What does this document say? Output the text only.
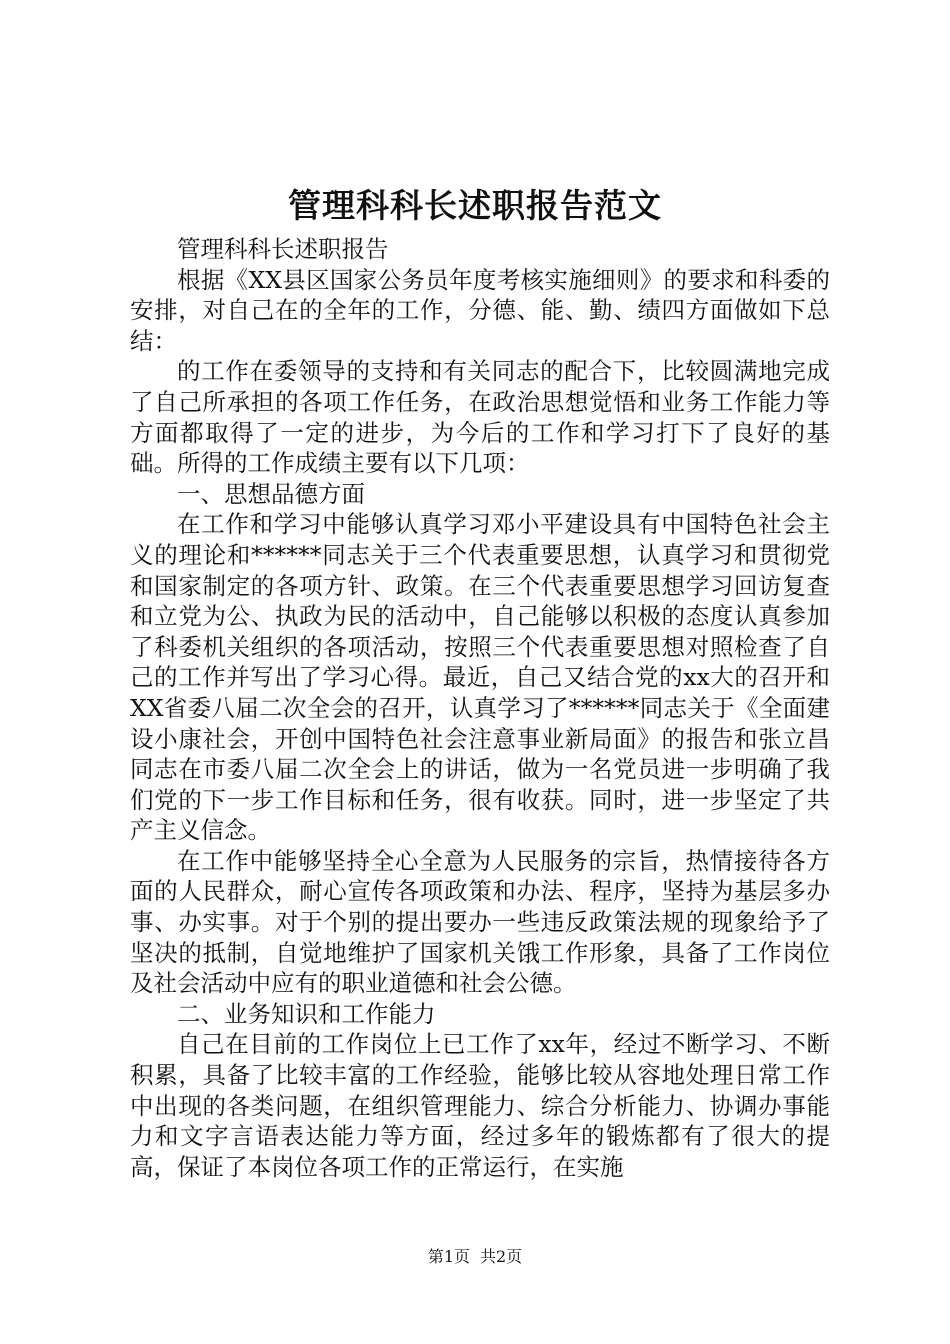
管理科科长述职报告范文

管理科科长述职报告

根据《XX县区国家公务员年度考核实施细则》的要求和科委的安排，对自己在的全年的工作，分德、能、勤、绩四方面做如下总结：

的工作在委领导的支持和有关同志的配合下，比较圆满地完成了自己所承担的各项工作任务，在政治思想觉悟和业务工作能力等方面都取得了一定的进步，为今后的工作和学习打下了良好的基础。所得的工作成绩主要有以下几项：

一、思想品德方面

在工作和学习中能够认真学习邓小平建设具有中国特色社会主义的理论和******同志关于三个代表重要思想，认真学习和贯彻党和国家制定的各项方针、政策。在三个代表重要思想学习回访复查和立党为公、执政为民的活动中，自己能够以积极的态度认真参加了科委机关组织的各项活动，按照三个代表重要思想对照检查了自己的工作并写出了学习心得。最近，自己又结合党的xx大的召开和XX省委八届二次全会的召开，认真学习了******同志关于《全面建设小康社会，开创中国特色社会注意事业新局面》的报告和张立昌同志在市委八届二次全会上的讲话，做为一名党员进一步明确了我们党的下一步工作目标和任务，很有收获。同时，进一步坚定了共产主义信念。

在工作中能够坚持全心全意为人民服务的宗旨，热情接待各方面的人民群众，耐心宣传各项政策和办法、程序，坚持为基层多办事、办实事。对于个别的提出要办一些违反政策法规的现象给予了坚决的抵制，自觉地维护了国家机关饿工作形象，具备了工作岗位及社会活动中应有的职业道德和社会公德。

二、业务知识和工作能力

自己在目前的工作岗位上已工作了xx年，经过不断学习、不断积累，具备了比较丰富的工作经验，能够比较从容地处理日常工作中出现的各类问题，在组织管理能力、综合分析能力、协调办事能力和文字言语表达能力等方面，经过多年的锻炼都有了很大的提高，保证了本岗位各项工作的正常运行，在实施

第1页 共2页
